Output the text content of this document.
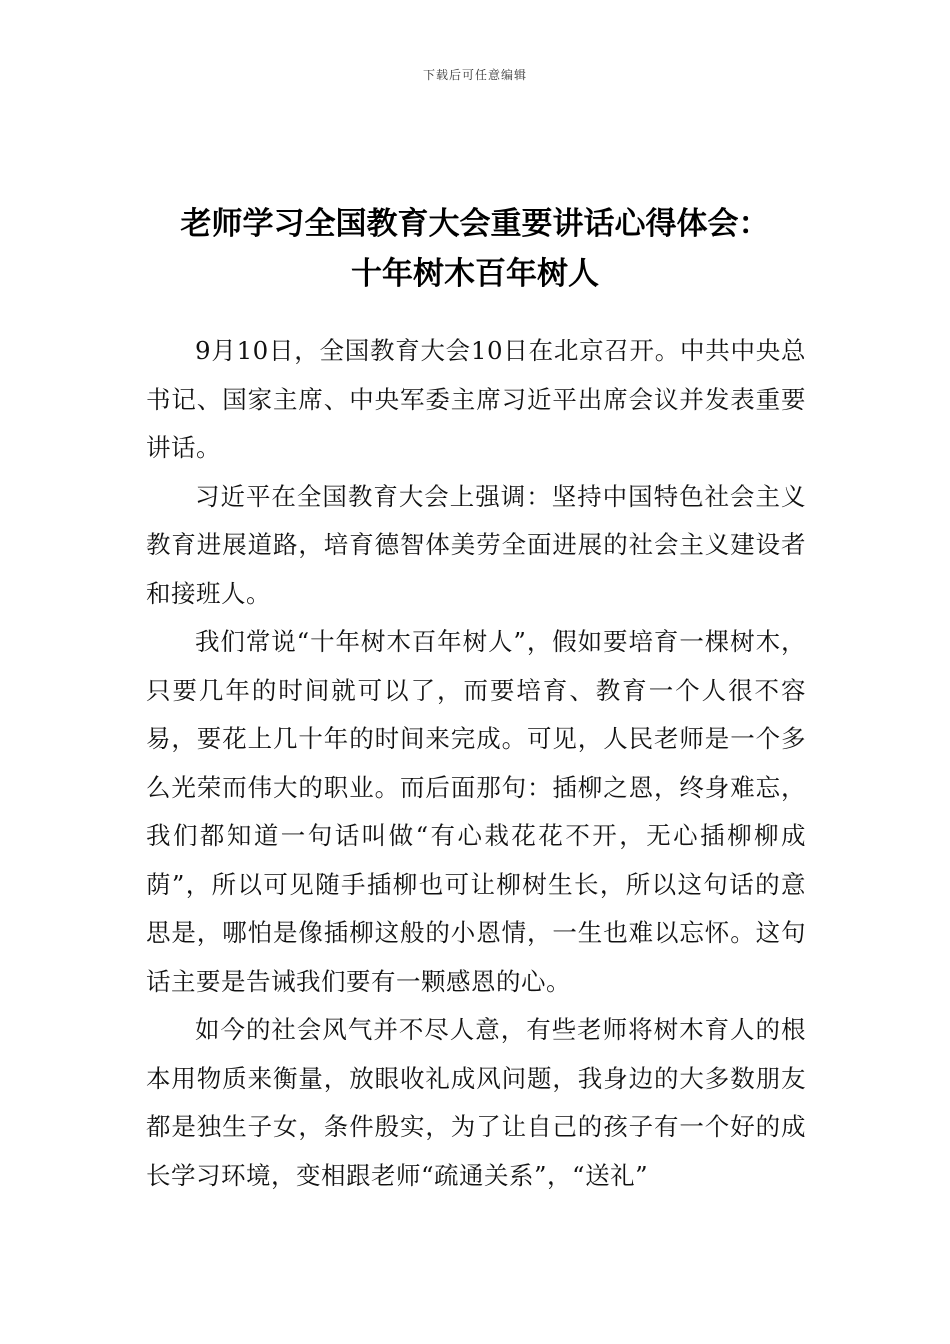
下载后可任意编辑
老师学习全国教育大会重要讲话心得体会：
十年树木百年树人

9月10日，全国教育大会10日在北京召开。中共中央总书记、国家主席、中央军委主席习近平出席会议并发表重要讲话。

习近平在全国教育大会上强调：坚持中国特色社会主义教育进展道路，培育德智体美劳全面进展的社会主义建设者和接班人。

我们常说“十年树木百年树人”，假如要培育一棵树木，只要几年的时间就可以了，而要培育、教育一个人很不容易，要花上几十年的时间来完成。可见，人民老师是一个多么光荣而伟大的职业。而后面那句：插柳之恩，终身难忘，我们都知道一句话叫做“有心栽花花不开，无心插柳柳成荫”，所以可见随手插柳也可让柳树生长，所以这句话的意思是，哪怕是像插柳这般的小恩情，一生也难以忘怀。这句话主要是告诫我们要有一颗感恩的心。

如今的社会风气并不尽人意，有些老师将树木育人的根本用物质来衡量，放眼收礼成风问题，我身边的大多数朋友都是独生子女，条件殷实，为了让自己的孩子有一个好的成长学习环境，变相跟老师“疏通关系”，“送礼”
